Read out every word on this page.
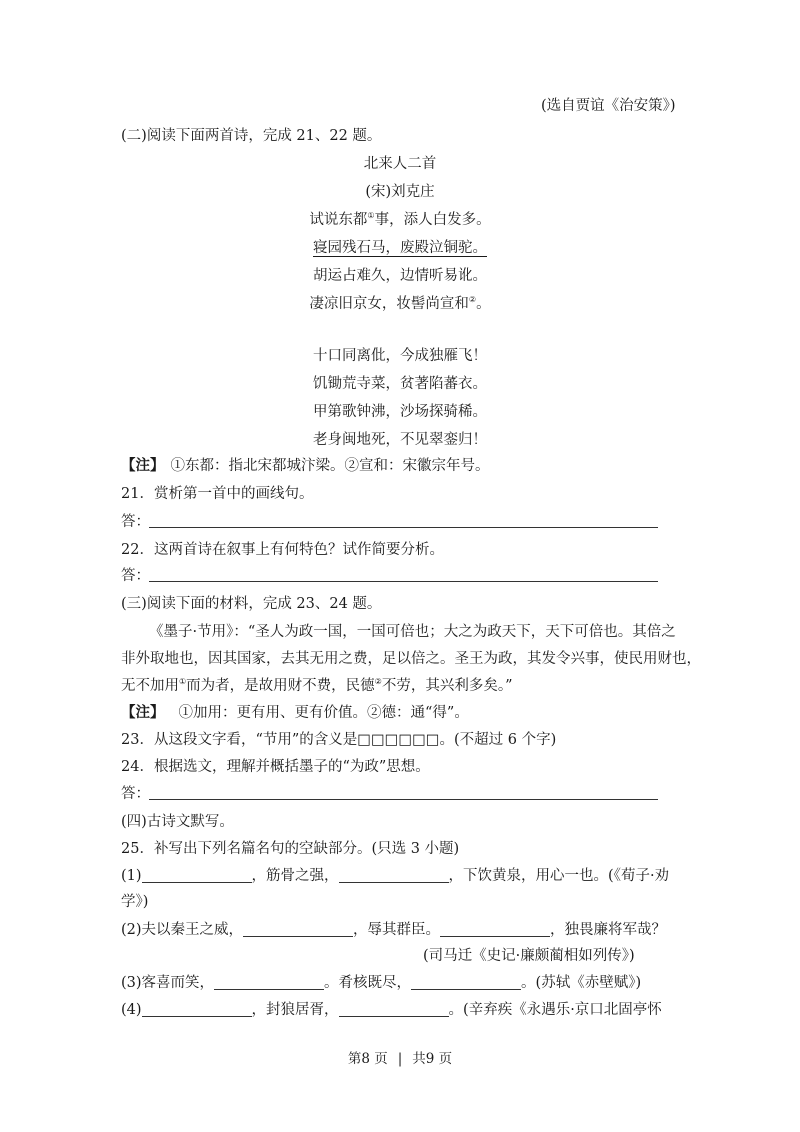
(选自贾谊《治安策》)
(二)阅读下面两首诗，完成 21、22 题。
北来人二首
(宋)刘克庄
试说东都①事，添人白发多。
寝园残石马，废殿泣铜驼。
胡运占难久，边情听易讹。
凄凉旧京女，妆髻尚宣和②。
十口同离仳，今成独雁飞！
饥锄荒寺菜，贫著陷蕃衣。
甲第歌钟沸，沙场探骑稀。
老身闽地死，不见翠銮归！
【注】 ①东都：指北宋都城汴梁。②宣和：宋徽宗年号。
21．赏析第一首中的画线句。
答：
22．这两首诗在叙事上有何特色？试作简要分析。
答：
(三)阅读下面的材料，完成 23、24 题。
《墨子·节用》：“圣人为政一国，一国可倍也；大之为政天下，天下可倍也。其倍之
非外取地也，因其国家，去其无用之费，足以倍之。圣王为政，其发令兴事，使民用财也，
无不加用①而为者，是故用财不费，民德②不劳，其兴利多矣。”
【注】 ①加用：更有用、更有价值。②德：通“得”。
23．从这段文字看，“节用”的含义是□□□□□□。(不超过 6 个字)
24．根据选文，理解并概括墨子的“为政”思想。
答：
(四)古诗文默写。
25．补写出下列名篇名句的空缺部分。(只选 3 小题)
(1)	，筋骨之强，	，下饮黄泉，用心一也。(《荀子·劝
学》)
(2)夫以秦王之威，	，辱其群臣。	，独畏廉将军哉？
(司马迁《史记·廉颇蔺相如列传》)
(3)客喜而笑，	。肴核既尽，	。(苏轼《赤壁赋》)
(4)	，封狼居胥，	。(辛弃疾《永遇乐·京口北固亭怀
第8 页 | 共9 页
